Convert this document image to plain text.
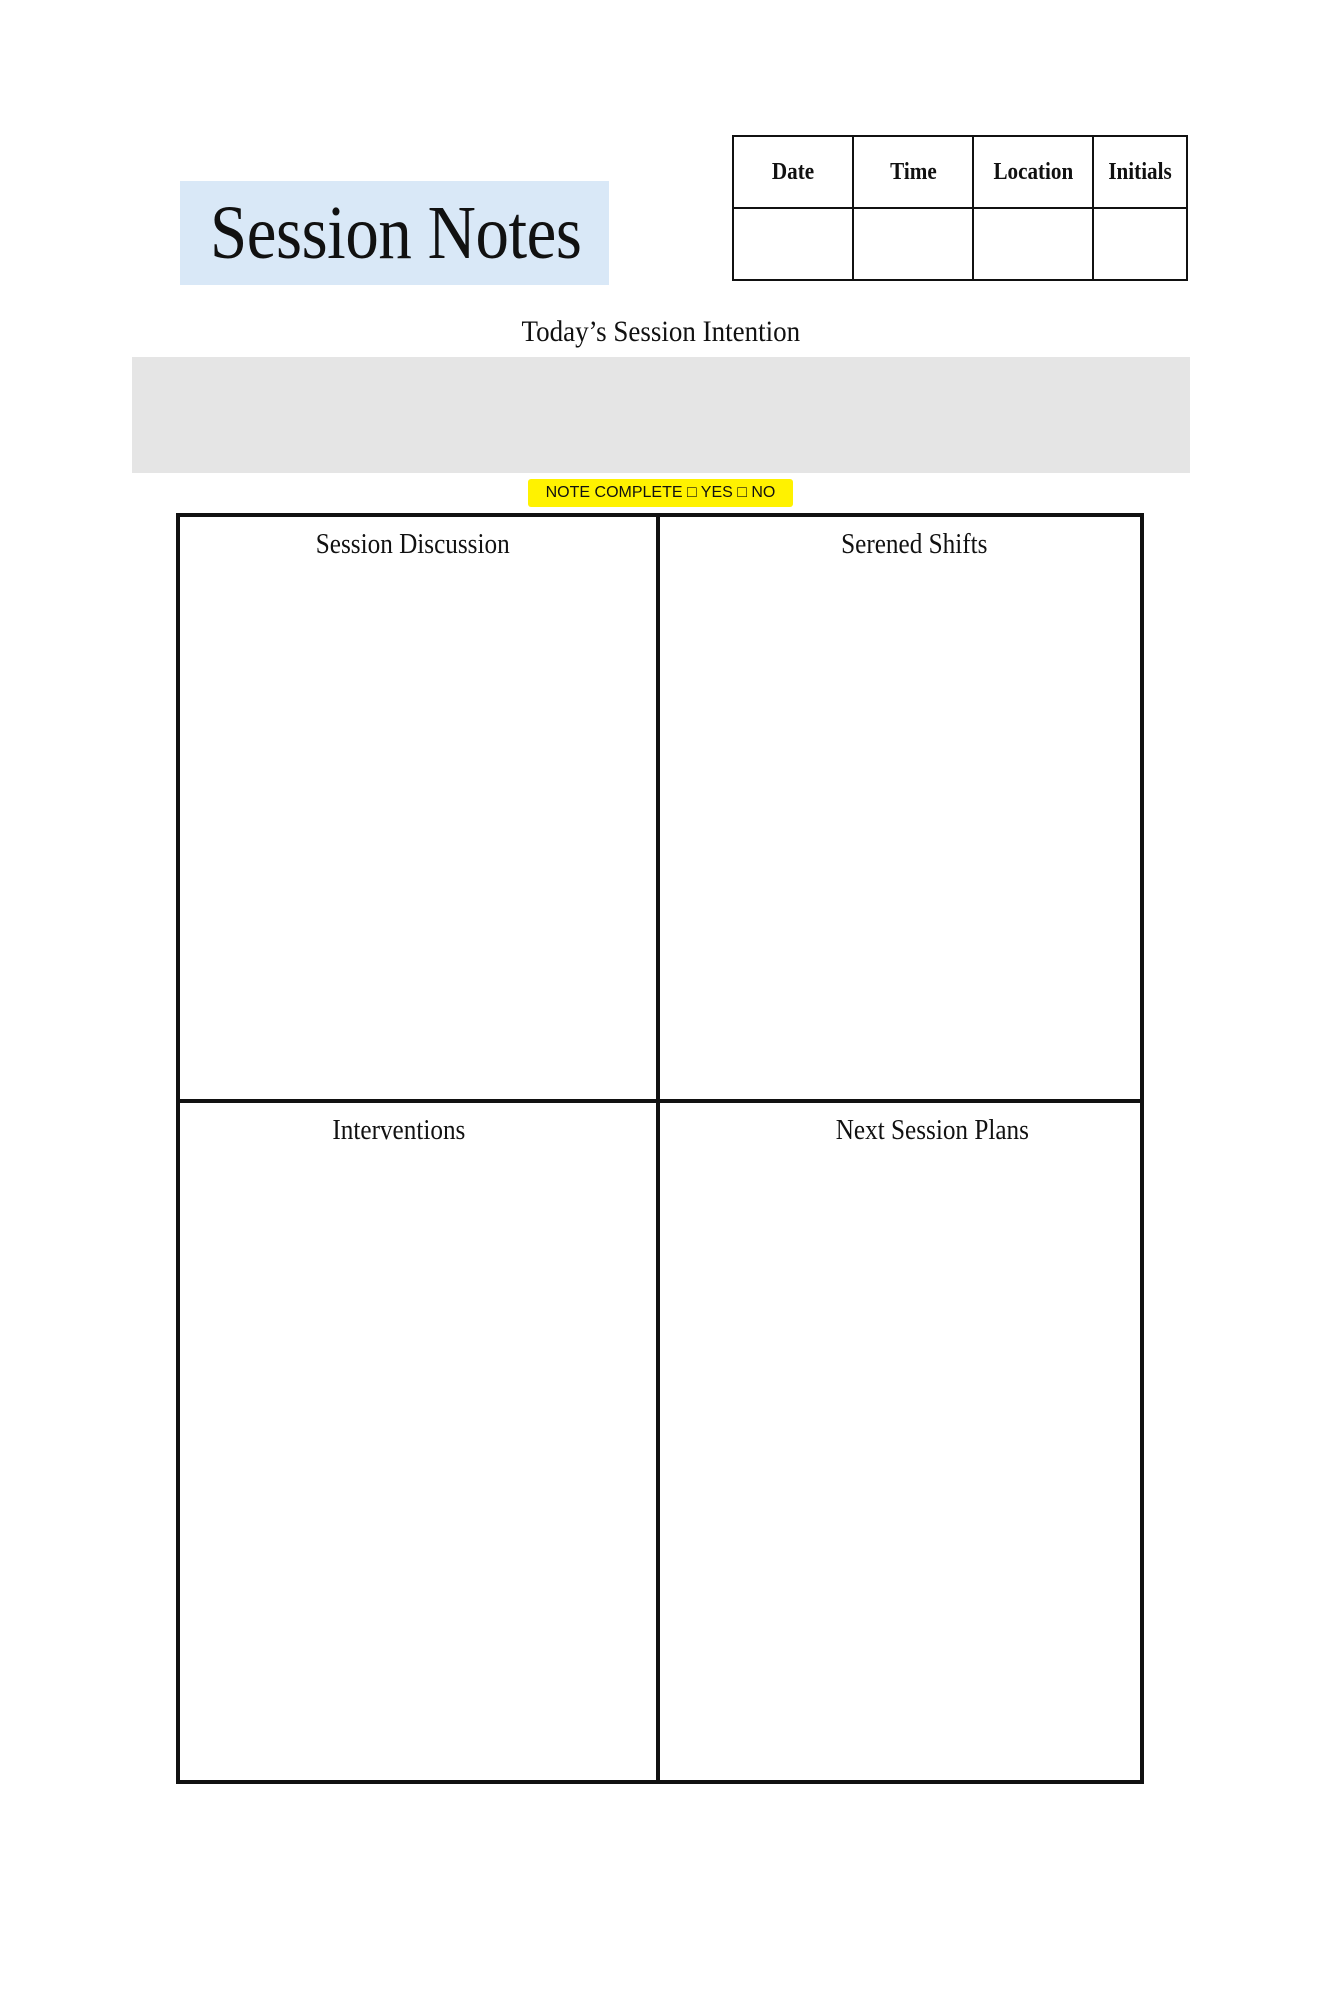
Session Notes
Date	Time	Location	Initials

Today’s Session Intention
NOTE COMPLETE □ YES □ NO
Session Discussion	Serened Shifts
Interventions	Next Session Plans
